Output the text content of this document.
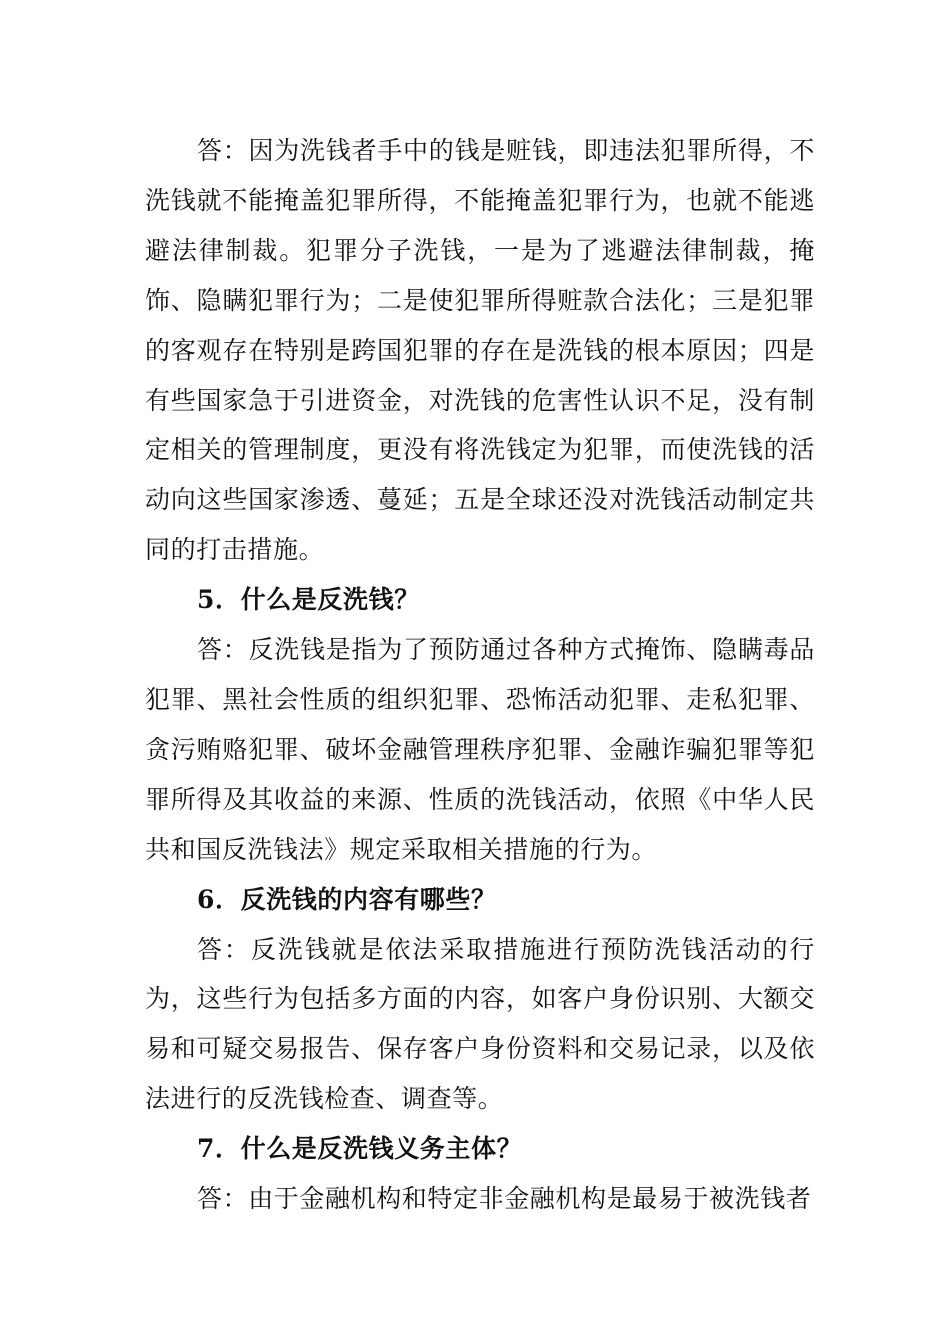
答：因为洗钱者手中的钱是赃钱，即违法犯罪所得，不洗钱就不能掩盖犯罪所得，不能掩盖犯罪行为，也就不能逃避法律制裁。犯罪分子洗钱，一是为了逃避法律制裁，掩饰、隐瞒犯罪行为；二是使犯罪所得赃款合法化；三是犯罪的客观存在特别是跨国犯罪的存在是洗钱的根本原因；四是有些国家急于引进资金，对洗钱的危害性认识不足，没有制定相关的管理制度，更没有将洗钱定为犯罪，而使洗钱的活动向这些国家渗透、蔓延；五是全球还没对洗钱活动制定共同的打击措施。

5．什么是反洗钱？

答：反洗钱是指为了预防通过各种方式掩饰、隐瞒毒品犯罪、黑社会性质的组织犯罪、恐怖活动犯罪、走私犯罪、贪污贿赂犯罪、破坏金融管理秩序犯罪、金融诈骗犯罪等犯罪所得及其收益的来源、性质的洗钱活动，依照《中华人民共和国反洗钱法》规定采取相关措施的行为。

6．反洗钱的内容有哪些？

答：反洗钱就是依法采取措施进行预防洗钱活动的行为，这些行为包括多方面的内容，如客户身份识别、大额交易和可疑交易报告、保存客户身份资料和交易记录，以及依法进行的反洗钱检查、调查等。

7．什么是反洗钱义务主体？

答：由于金融机构和特定非金融机构是最易于被洗钱者
